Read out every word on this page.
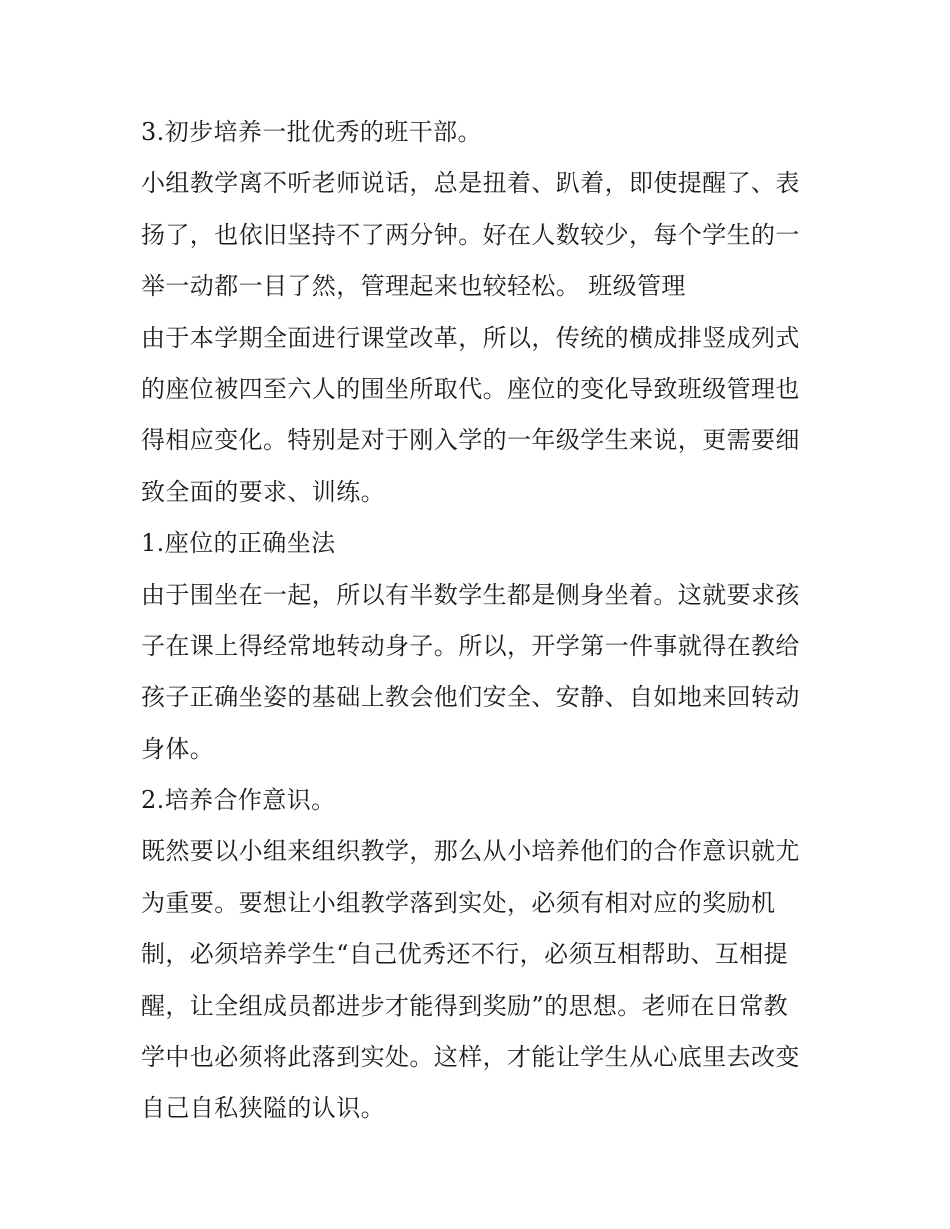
3.初步培养一批优秀的班干部。
小组教学离不听老师说话，总是扭着、趴着，即使提醒了、表
扬了，也依旧坚持不了两分钟。好在人数较少，每个学生的一
举一动都一目了然，管理起来也较轻松。 班级管理
由于本学期全面进行课堂改革，所以，传统的横成排竖成列式
的座位被四至六人的围坐所取代。座位的变化导致班级管理也
得相应变化。特别是对于刚入学的一年级学生来说，更需要细
致全面的要求、训练。
1.座位的正确坐法
由于围坐在一起，所以有半数学生都是侧身坐着。这就要求孩
子在课上得经常地转动身子。所以，开学第一件事就得在教给
孩子正确坐姿的基础上教会他们安全、安静、自如地来回转动
身体。
2.培养合作意识。
既然要以小组来组织教学，那么从小培养他们的合作意识就尤
为重要。要想让小组教学落到实处，必须有相对应的奖励机
制，必须培养学生“自己优秀还不行，必须互相帮助、互相提
醒，让全组成员都进步才能得到奖励”的思想。老师在日常教
学中也必须将此落到实处。这样，才能让学生从心底里去改变
自己自私狭隘的认识。
